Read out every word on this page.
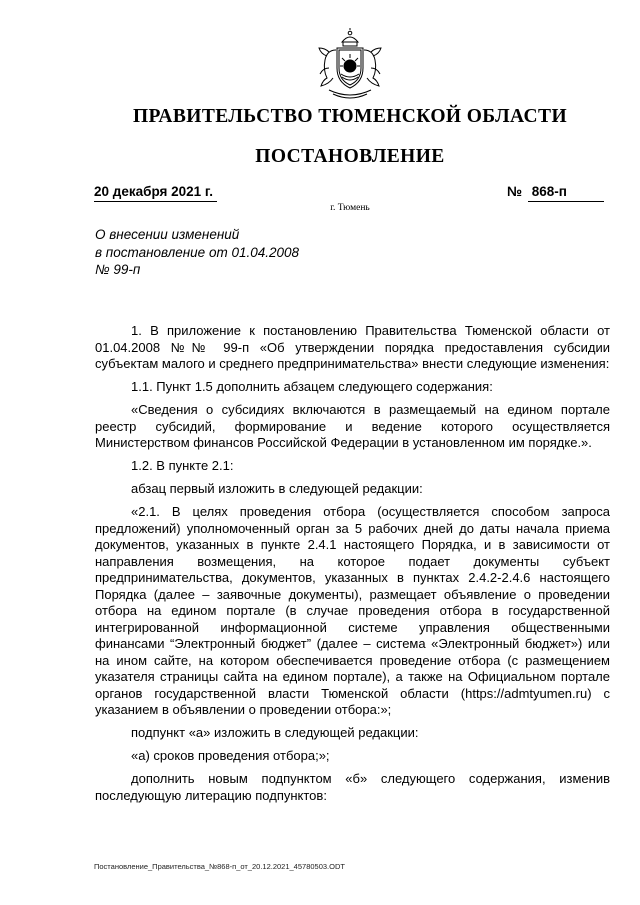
ПРАВИТЕЛЬСТВО ТЮМЕНСКОЙ ОБЛАСТИ
ПОСТАНОВЛЕНИЕ
20 декабря 2021 г.	№ 868-п
г. Тюмень
О внесении изменений
в постановление от 01.04.2008
№ 99-п

1. В приложение к постановлению Правительства Тюменской области от 01.04.2008 №№ 99-п «Об утверждении порядка предоставления субсидии субъектам малого и среднего предпринимательства» внести следующие изменения:

1.1. Пункт 1.5 дополнить абзацем следующего содержания:

«Сведения о субсидиях включаются в размещаемый на едином портале реестр субсидий, формирование и ведение которого осуществляется Министерством финансов Российской Федерации в установленном им порядке.».

1.2. В пункте 2.1:

абзац первый изложить в следующей редакции:

«2.1. В целях проведения отбора (осуществляется способом запроса предложений) уполномоченный орган за 5 рабочих дней до даты начала приема документов, указанных в пункте 2.4.1 настоящего Порядка, и в зависимости от направления возмещения, на которое подает документы субъект предпринимательства, документов, указанных в пунктах 2.4.2-2.4.6 настоящего Порядка (далее – заявочные документы), размещает объявление о проведении отбора на едином портале (в случае проведения отбора в государственной интегрированной информационной системе управления общественными финансами “Электронный бюджет” (далее – система «Электронный бюджет») или на ином сайте, на котором обеспечивается проведение отбора (с размещением указателя страницы сайта на едином портале), а также на Официальном портале органов государственной власти Тюменской области (https://admtyumen.ru) с указанием в объявлении о проведении отбора:»;

подпункт «а» изложить в следующей редакции:

«а) сроков проведения отбора;»;

дополнить новым подпунктом «б» следующего содержания, изменив последующую литерацию подпунктов:

Постановление_Правительства_№868-п_от_20.12.2021_45780503.ODT
